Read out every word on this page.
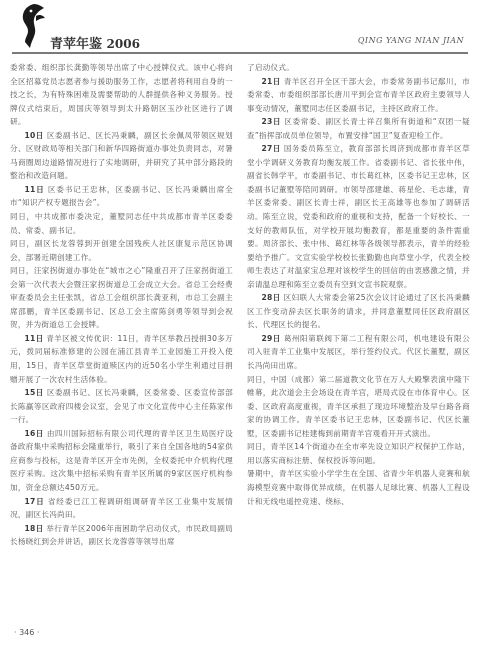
青苹年鉴 2006	QING YANG NIAN JIAN

委常委、组织部长龚勤等领导出席了中心授牌仪式。该中心将向全区招募党员志愿者参与援助服务工作，志愿者将利用自身的一技之长，为有特殊困难及需要帮助的人群提供各种义务服务。授牌仪式结束后，周国庆等领导到太升路朝区玉沙社区进行了调研。

10日 区委副书记、区长冯秉麟，副区长余佩凤带领区规划分、区财政局等相关部门和新华四路街道办事处负责同志，对暑马商圈周边道路情况进行了实地调研，并研究了其中部分路段的整治和改造问题。

11日 区委书记王忠林，区委副书记、区长冯秉麟出席全市“知识产权专题报告会”。

同日，中共成都市委决定，董墅同志任中共成都市青羊区委委员、常委、副书记。

同日，副区长龙蓉蓉到开创建全国残疾人社区康复示范区协调会，部署近期创建工作。

同日，汪家拐街道办事处在“城市之心”隆重召开了汪家拐街道工会第一次代表大会暨汪家拐街道总工会成立大会。省总工会经费审查委员会主任张凯，省总工会组织部长龚亚利，市总工会副主席邵鹏，青羊区委副书记、区总工会主席陈剑勇等领导到会祝贺，并为街道总工会授牌。

11日 青羊区被文传优识：11日，青羊区举教吕授捐30多万元，拨同届标准修建的公园在浦江县青羊工业园施工开投入使用，15日，青羊区草堂街道赎区内的近50名小学生利通过目捐赠开展了一次农村生活体验。

15日 区委副书记、区长冯秉麟，区委常委、区委宣传部部长陈赢等区政府四楼会议室，会见了市文化宣传中心主任陈家伟一行。

16日 由四川国际招标有限公司代理的青羊区卫生局医疗设备政府集中采购招标会隆重举行，吸引了来自全国各地的54家供应商参与投标，这是青羊区开全市先例，全权委托中介机构代理医疗采购。这次集中招标采购有青羊区所属的9家区医疗机构参加，资金总额达450万元。

17日 省经委已江工程调研组调研青羊区工业集中发展情况，副区长冯尚田。

18日 举行青羊区2006年南困助学启动仪式，市民政局副局长杨晓红到会并讲话，副区长龙蓉蓉等领导出席

了启动仪式。

21日 青羊区召开全区干部大会，市委常务副书记鄢川，市委常委、市委组织部部长唐川平到会宣布青羊区政府主要领导人事变动情况，董墅同志任区委副书记，主持区政府工作。

23日 区委常委、副区长青士祥召集所有街道和“双团一疑查”指挥部成员单位领导，布置安排“国卫”复查迎检工作。

27日 国务委员陈至立，教育部部长周济到成都市青羊区草堂小学调研义务教育均衡发展工作。省委副书记、省长张中伟，副省长韩学平，市委副书记、市长葛红林，区委书记王忠林，区委副书记董墅等陪同调研。市领导邵建雄、蒋星伦、毛志雄，青羊区委常委、副区长青士祥，副区长王高雄等也参加了调研活动。陈至立说，党委和政府的重视和支持，配备一个好校长、一支好的教师队伍，对学校开展均衡教育，都是重要的条件需重要。周济部长、张中伟、葛红林等各级领导都表示，青羊的经验要给予推广。文宣实验学校校长张勤勤也向草堂小学，代表全校师生表达了对温家宝总理对该校学生的回信的由衷感激之情，并亲请温总理和陈至立委员有空到文宣书院观察。

28日 区妇联人大常委会第25次会议讨论通过了区长冯秉麟区工作变动辞去区长职务的请求，并同意董墅同任区政府副区长、代理区长的提名。

29日 葛州阳第联阀下第二工程有限公司，机电建设有限公司入驻青羊工业集中发展区，举行签约仪式。代区长董墅，副区长冯尚田出席。

同日，中国（成都）第二届道教文化节在万人大殿擎表演中隆下帷幕，此次道会主会场设在青羊宫，堪局式设在市体育中心。区委、区政府高度重视，青羊区承担了现边环境整治及早台路各商家的协调工作。青羊区委书记王忠林，区委副书记、代区长董墅，区委副书记桂建梅到前期青羊宫观看开开式演出。

同日，青羊区14个街道办在全市率先设立知识产权保护工作站，用以落实商标注册、保权投诉等问题。

暑期中，青羊区实验小学学生在全国、省青少年机器人竞赛和航海模型竞赛中取得优异成绩，在机器人足球比赛、机器人工程设计和无线电遥控竞速、绕标、

· 346 ·
